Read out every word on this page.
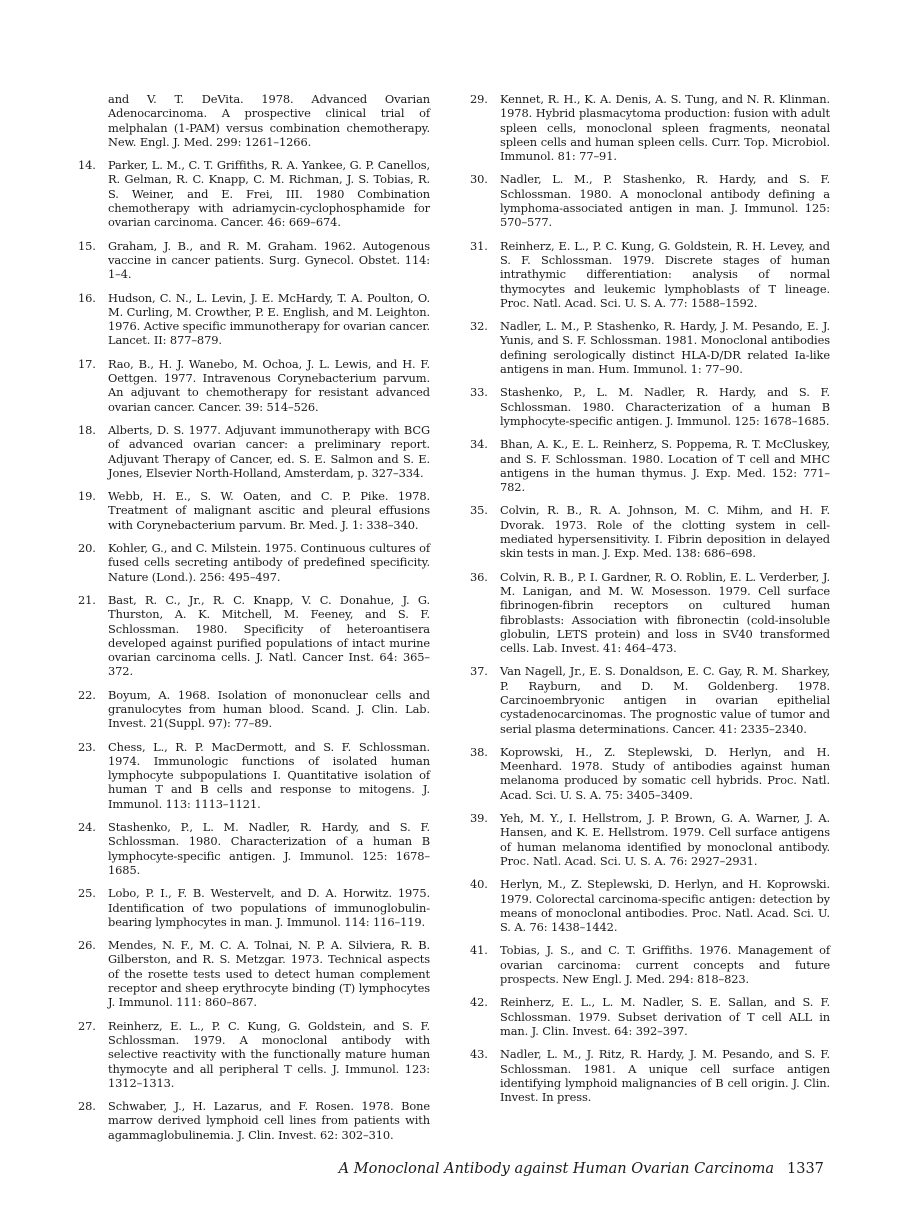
and V. T. DeVita. 1978. Advanced Ovarian Adenocarcinoma. A prospective clinical trial of melphalan (1-PAM) versus combination chemotherapy. New. Engl. J. Med. 299: 1261–1266.
14.	Parker, L. M., C. T. Griffiths, R. A. Yankee, G. P. Canellos, R. Gelman, R. C. Knapp, C. M. Richman, J. S. Tobias, R. S. Weiner, and E. Frei, III. 1980 Combination chemotherapy with adriamycin-cyclophosphamide for ovarian carcinoma. Cancer. 46: 669–674.
15.	Graham, J. B., and R. M. Graham. 1962. Autogenous vaccine in cancer patients. Surg. Gynecol. Obstet. 114: 1–4.
16.	Hudson, C. N., L. Levin, J. E. McHardy, T. A. Poulton, O. M. Curling, M. Crowther, P. E. English, and M. Leighton. 1976. Active specific immunotherapy for ovarian cancer. Lancet. II: 877–879.
17.	Rao, B., H. J. Wanebo, M. Ochoa, J. L. Lewis, and H. F. Oettgen. 1977. Intravenous Corynebacterium parvum. An adjuvant to chemotherapy for resistant advanced ovarian cancer. Cancer. 39: 514–526.
18.	Alberts, D. S. 1977. Adjuvant immunotherapy with BCG of advanced ovarian cancer: a preliminary report. Adjuvant Therapy of Cancer, ed. S. E. Salmon and S. E. Jones, Elsevier North-Holland, Amsterdam, p. 327–334.
19.	Webb, H. E., S. W. Oaten, and C. P. Pike. 1978. Treatment of malignant ascitic and pleural effusions with Corynebacterium parvum. Br. Med. J. 1: 338–340.
20.	Kohler, G., and C. Milstein. 1975. Continuous cultures of fused cells secreting antibody of predefined specificity. Nature (Lond.). 256: 495–497.
21.	Bast, R. C., Jr., R. C. Knapp, V. C. Donahue, J. G. Thurston, A. K. Mitchell, M. Feeney, and S. F. Schlossman. 1980. Specificity of heteroantisera developed against purified populations of intact murine ovarian carcinoma cells. J. Natl. Cancer Inst. 64: 365–372.
22.	Boyum, A. 1968. Isolation of mononuclear cells and granulocytes from human blood. Scand. J. Clin. Lab. Invest. 21(Suppl. 97): 77–89.
23.	Chess, L., R. P. MacDermott, and S. F. Schlossman. 1974. Immunologic functions of isolated human lymphocyte subpopulations I. Quantitative isolation of human T and B cells and response to mitogens. J. Immunol. 113: 1113–1121.
24.	Stashenko, P., L. M. Nadler, R. Hardy, and S. F. Schlossman. 1980. Characterization of a human B lymphocyte-specific antigen. J. Immunol. 125: 1678–1685.
25.	Lobo, P. I., F. B. Westervelt, and D. A. Horwitz. 1975. Identification of two populations of immunoglobulin-bearing lymphocytes in man. J. Immunol. 114: 116–119.
26.	Mendes, N. F., M. C. A. Tolnai, N. P. A. Silviera, R. B. Gilberston, and R. S. Metzgar. 1973. Technical aspects of the rosette tests used to detect human complement receptor and sheep erythrocyte binding (T) lymphocytes J. Immunol. 111: 860–867.
27.	Reinherz, E. L., P. C. Kung, G. Goldstein, and S. F. Schlossman. 1979. A monoclonal antibody with selective reactivity with the functionally mature human thymocyte and all peripheral T cells. J. Immunol. 123: 1312–1313.
28.	Schwaber, J., H. Lazarus, and F. Rosen. 1978. Bone marrow derived lymphoid cell lines from patients with agammaglobulinemia. J. Clin. Invest. 62: 302–310.
29.	Kennet, R. H., K. A. Denis, A. S. Tung, and N. R. Klinman. 1978. Hybrid plasmacytoma production: fusion with adult spleen cells, monoclonal spleen fragments, neonatal spleen cells and human spleen cells. Curr. Top. Microbiol. Immunol. 81: 77–91.
30.	Nadler, L. M., P. Stashenko, R. Hardy, and S. F. Schlossman. 1980. A monoclonal antibody defining a lymphoma-associated antigen in man. J. Immunol. 125: 570–577.
31.	Reinherz, E. L., P. C. Kung, G. Goldstein, R. H. Levey, and S. F. Schlossman. 1979. Discrete stages of human intrathymic differentiation: analysis of normal thymocytes and leukemic lymphoblasts of T lineage. Proc. Natl. Acad. Sci. U. S. A. 77: 1588–1592.
32.	Nadler, L. M., P. Stashenko, R. Hardy, J. M. Pesando, E. J. Yunis, and S. F. Schlossman. 1981. Monoclonal antibodies defining serologically distinct HLA-D/DR related Ia-like antigens in man. Hum. Immunol. 1: 77–90.
33.	Stashenko, P., L. M. Nadler, R. Hardy, and S. F. Schlossman. 1980. Characterization of a human B lymphocyte-specific antigen. J. Immunol. 125: 1678–1685.
34.	Bhan, A. K., E. L. Reinherz, S. Poppema, R. T. McCluskey, and S. F. Schlossman. 1980. Location of T cell and MHC antigens in the human thymus. J. Exp. Med. 152: 771–782.
35.	Colvin, R. B., R. A. Johnson, M. C. Mihm, and H. F. Dvorak. 1973. Role of the clotting system in cell-mediated hypersensitivity. I. Fibrin deposition in delayed skin tests in man. J. Exp. Med. 138: 686–698.
36.	Colvin, R. B., P. I. Gardner, R. O. Roblin, E. L. Verderber, J. M. Lanigan, and M. W. Mosesson. 1979. Cell surface fibrinogen-fibrin receptors on cultured human fibroblasts: Association with fibronectin (cold-insoluble globulin, LETS protein) and loss in SV40 transformed cells. Lab. Invest. 41: 464–473.
37.	Van Nagell, Jr., E. S. Donaldson, E. C. Gay, R. M. Sharkey, P. Rayburn, and D. M. Goldenberg. 1978. Carcinoembryonic antigen in ovarian epithelial cystadenocarcinomas. The prognostic value of tumor and serial plasma determinations. Cancer. 41: 2335–2340.
38.	Koprowski, H., Z. Steplewski, D. Herlyn, and H. Meenhard. 1978. Study of antibodies against human melanoma produced by somatic cell hybrids. Proc. Natl. Acad. Sci. U. S. A. 75: 3405–3409.
39.	Yeh, M. Y., I. Hellstrom, J. P. Brown, G. A. Warner, J. A. Hansen, and K. E. Hellstrom. 1979. Cell surface antigens of human melanoma identified by monoclonal antibody. Proc. Natl. Acad. Sci. U. S. A. 76: 2927–2931.
40.	Herlyn, M., Z. Steplewski, D. Herlyn, and H. Koprowski. 1979. Colorectal carcinoma-specific antigen: detection by means of monoclonal antibodies. Proc. Natl. Acad. Sci. U. S. A. 76: 1438–1442.
41.	Tobias, J. S., and C. T. Griffiths. 1976. Management of ovarian carcinoma: current concepts and future prospects. New Engl. J. Med. 294: 818–823.
42.	Reinherz, E. L., L. M. Nadler, S. E. Sallan, and S. F. Schlossman. 1979. Subset derivation of T cell ALL in man. J. Clin. Invest. 64: 392–397.
43.	Nadler, L. M., J. Ritz, R. Hardy, J. M. Pesando, and S. F. Schlossman. 1981. A unique cell surface antigen identifying lymphoid malignancies of B cell origin. J. Clin. Invest. In press.
A Monoclonal Antibody against Human Ovarian Carcinoma 1337
